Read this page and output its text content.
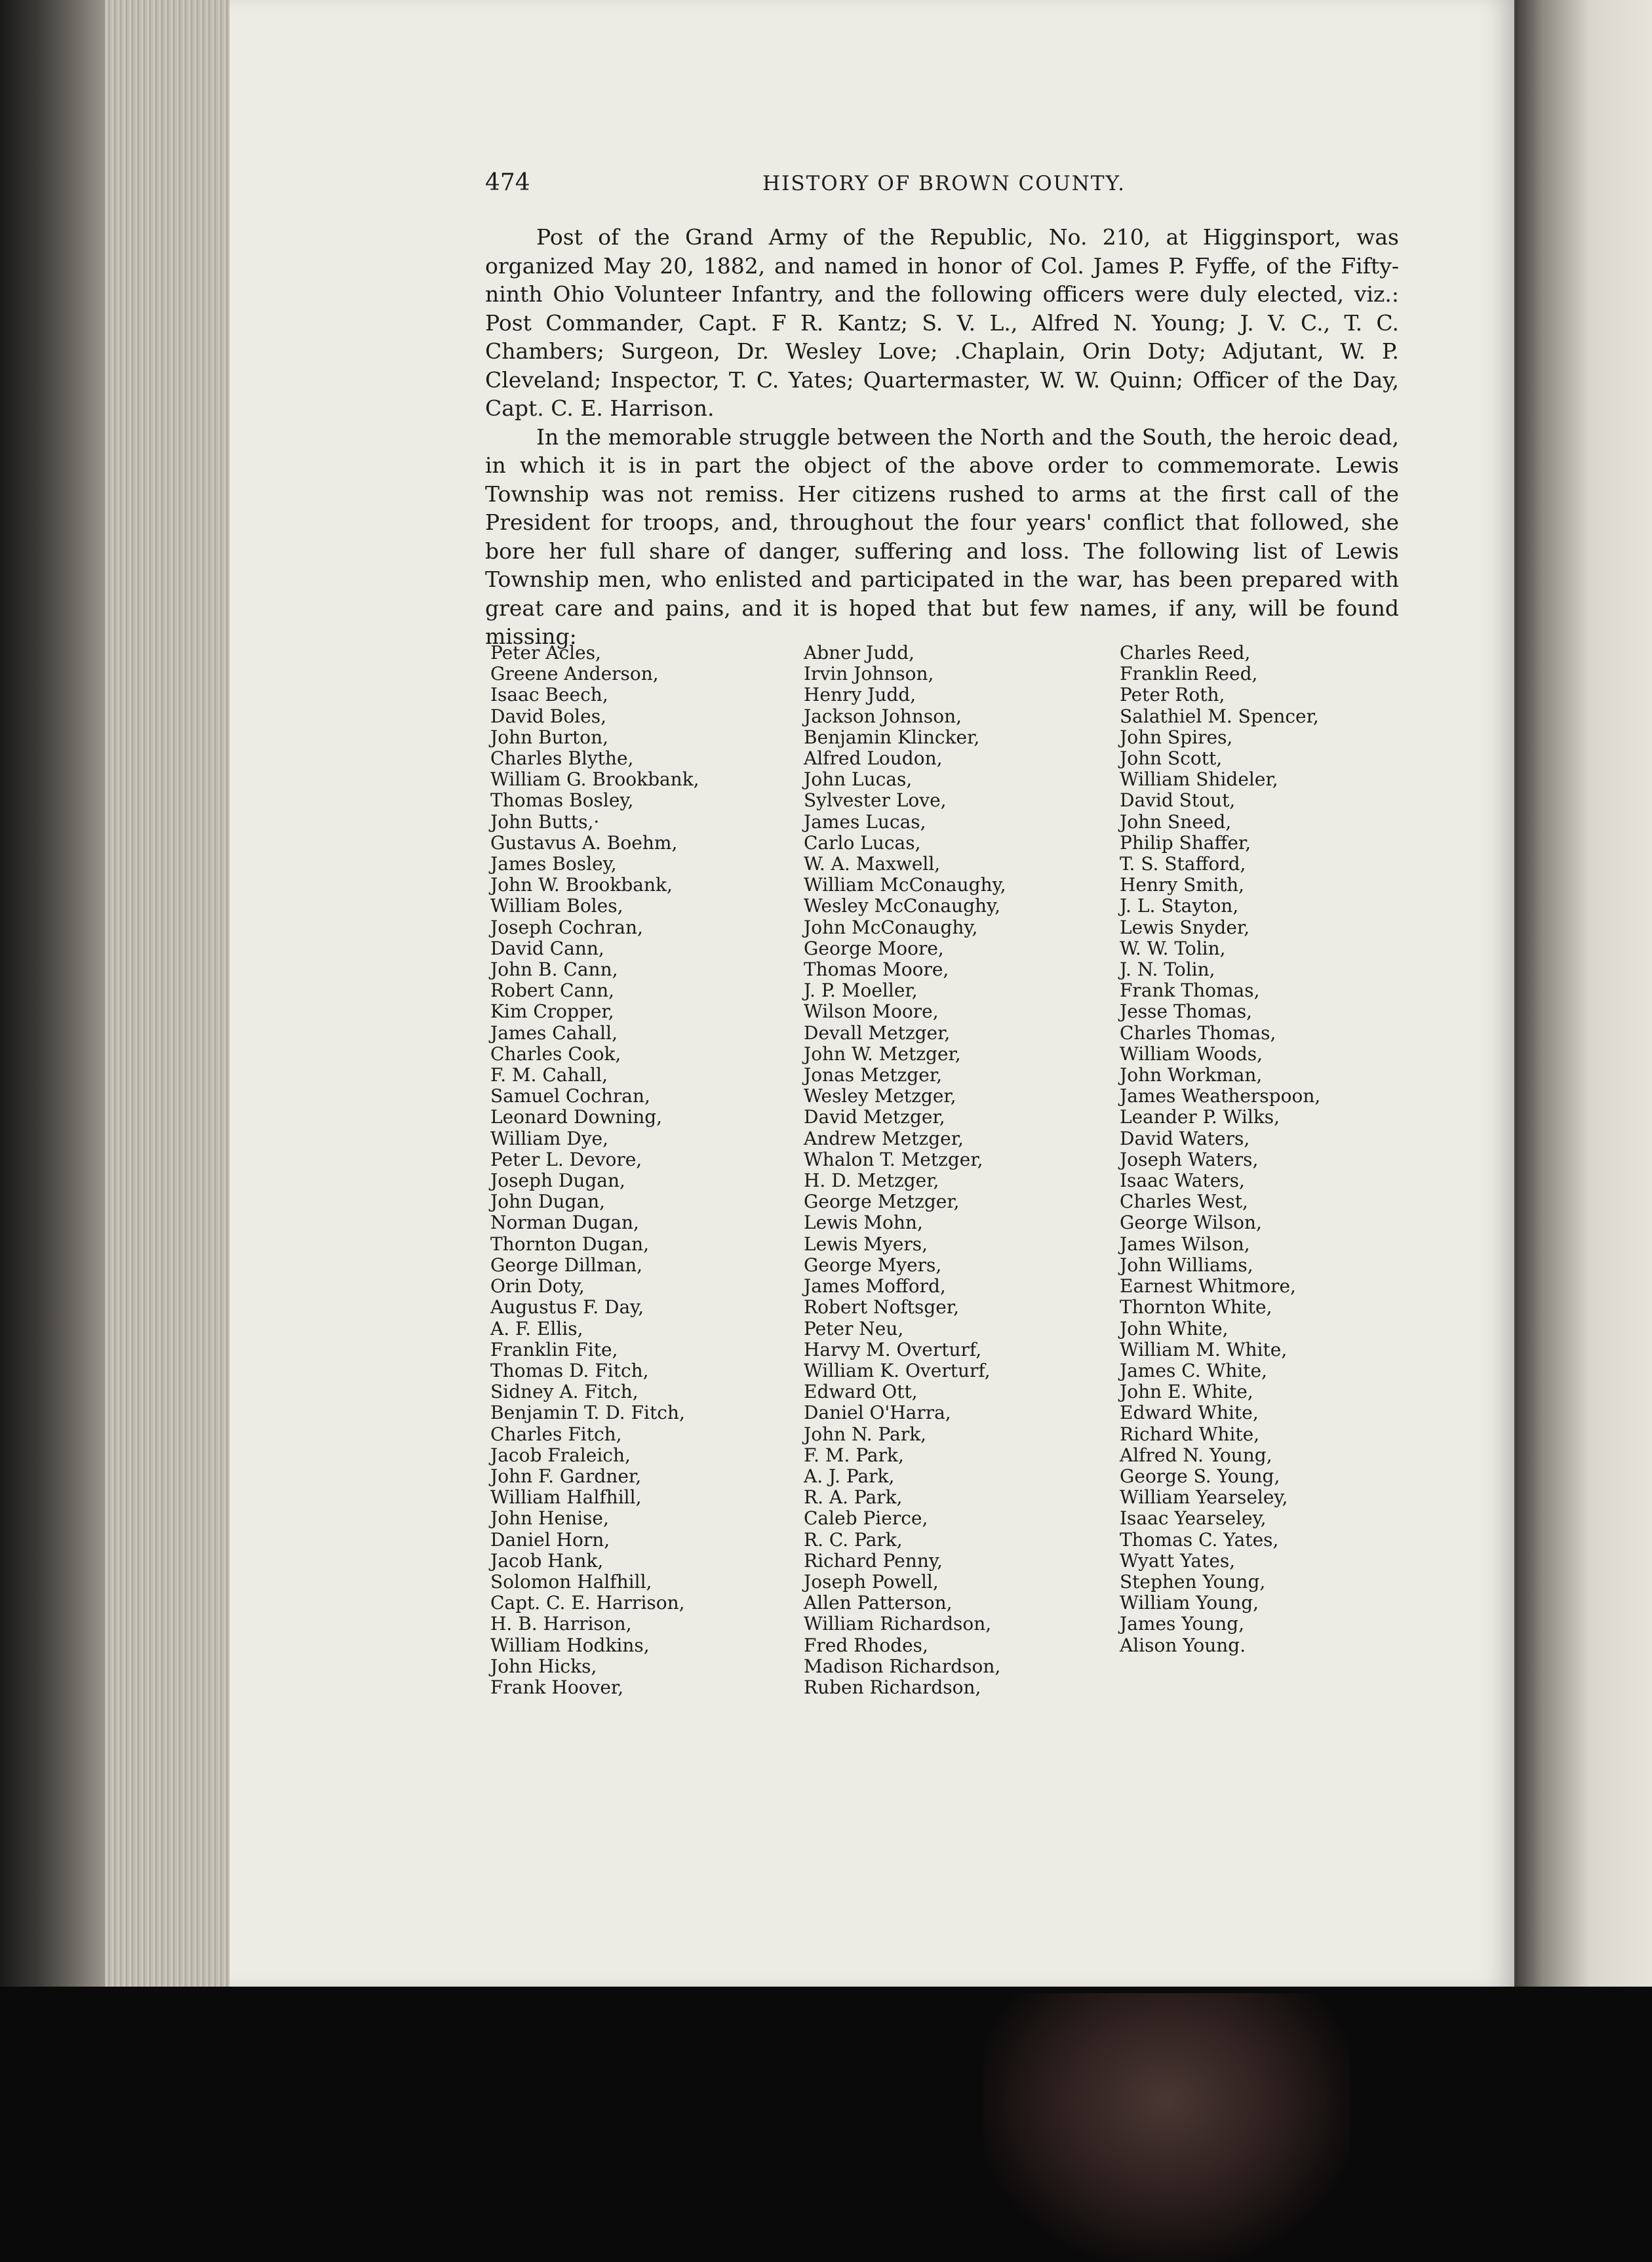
474	HISTORY OF BROWN COUNTY.

Post of the Grand Army of the Republic, No. 210, at Higginsport, was organized May 20, 1882, and named in honor of Col. James P. Fyffe, of the Fifty-ninth Ohio Volunteer Infantry, and the following officers were duly elected, viz.: Post Commander, Capt. F R. Kantz; S. V. L., Alfred N. Young; J. V. C., T. C. Chambers; Surgeon, Dr. Wesley Love; .Chaplain, Orin Doty; Adjutant, W. P. Cleveland; Inspector, T. C. Yates; Quartermaster, W. W. Quinn; Officer of the Day, Capt. C. E. Harrison.

In the memorable struggle between the North and the South, the heroic dead, in which it is in part the object of the above order to commemorate. Lewis Township was not remiss. Her citizens rushed to arms at the first call of the President for troops, and, throughout the four years' conflict that followed, she bore her full share of danger, suffering and loss. The following list of Lewis Township men, who enlisted and participated in the war, has been prepared with great care and pains, and it is hoped that but few names, if any, will be found missing:

Peter Acles,
Greene Anderson,
Isaac Beech,
David Boles,
John Burton,
Charles Blythe,
William G. Brookbank,
Thomas Bosley,
John Butts,·
Gustavus A. Boehm,
James Bosley,
John W. Brookbank,
William Boles,
Joseph Cochran,
David Cann,
John B. Cann,
Robert Cann,
Kim Cropper,
James Cahall,
Charles Cook,
F. M. Cahall,
Samuel Cochran,
Leonard Downing,
William Dye,
Peter L. Devore,
Joseph Dugan,
John Dugan,
Norman Dugan,
Thornton Dugan,
George Dillman,
Orin Doty,
Augustus F. Day,
A. F. Ellis,
Franklin Fite,
Thomas D. Fitch,
Sidney A. Fitch,
Benjamin T. D. Fitch,
Charles Fitch,
Jacob Fraleich,
John F. Gardner,
William Halfhill,
John Henise,
Daniel Horn,
Jacob Hank,
Solomon Halfhill,
Capt. C. E. Harrison,
H. B. Harrison,
William Hodkins,
John Hicks,
Frank Hoover,
Abner Judd,
Irvin Johnson,
Henry Judd,
Jackson Johnson,
Benjamin Klincker,
Alfred Loudon,
John Lucas,
Sylvester Love,
James Lucas,
Carlo Lucas,
W. A. Maxwell,
William McConaughy,
Wesley McConaughy,
John McConaughy,
George Moore,
Thomas Moore,
J. P. Moeller,
Wilson Moore,
Devall Metzger,
John W. Metzger,
Jonas Metzger,
Wesley Metzger,
David Metzger,
Andrew Metzger,
Whalon T. Metzger,
H. D. Metzger,
George Metzger,
Lewis Mohn,
Lewis Myers,
George Myers,
James Mofford,
Robert Noftsger,
Peter Neu,
Harvy M. Overturf,
William K. Overturf,
Edward Ott,
Daniel O'Harra,
John N. Park,
F. M. Park,
A. J. Park,
R. A. Park,
Caleb Pierce,
R. C. Park,
Richard Penny,
Joseph Powell,
Allen Patterson,
William Richardson,
Fred Rhodes,
Madison Richardson,
Ruben Richardson,
Charles Reed,
Franklin Reed,
Peter Roth,
Salathiel M. Spencer,
John Spires,
John Scott,
William Shideler,
David Stout,
John Sneed,
Philip Shaffer,
T. S. Stafford,
Henry Smith,
J. L. Stayton,
Lewis Snyder,
W. W. Tolin,
J. N. Tolin,
Frank Thomas,
Jesse Thomas,
Charles Thomas,
William Woods,
John Workman,
James Weatherspoon,
Leander P. Wilks,
David Waters,
Joseph Waters,
Isaac Waters,
Charles West,
George Wilson,
James Wilson,
John Williams,
Earnest Whitmore,
Thornton White,
John White,
William M. White,
James C. White,
John E. White,
Edward White,
Richard White,
Alfred N. Young,
George S. Young,
William Yearseley,
Isaac Yearseley,
Thomas C. Yates,
Wyatt Yates,
Stephen Young,
William Young,
James Young,
Alison Young.
